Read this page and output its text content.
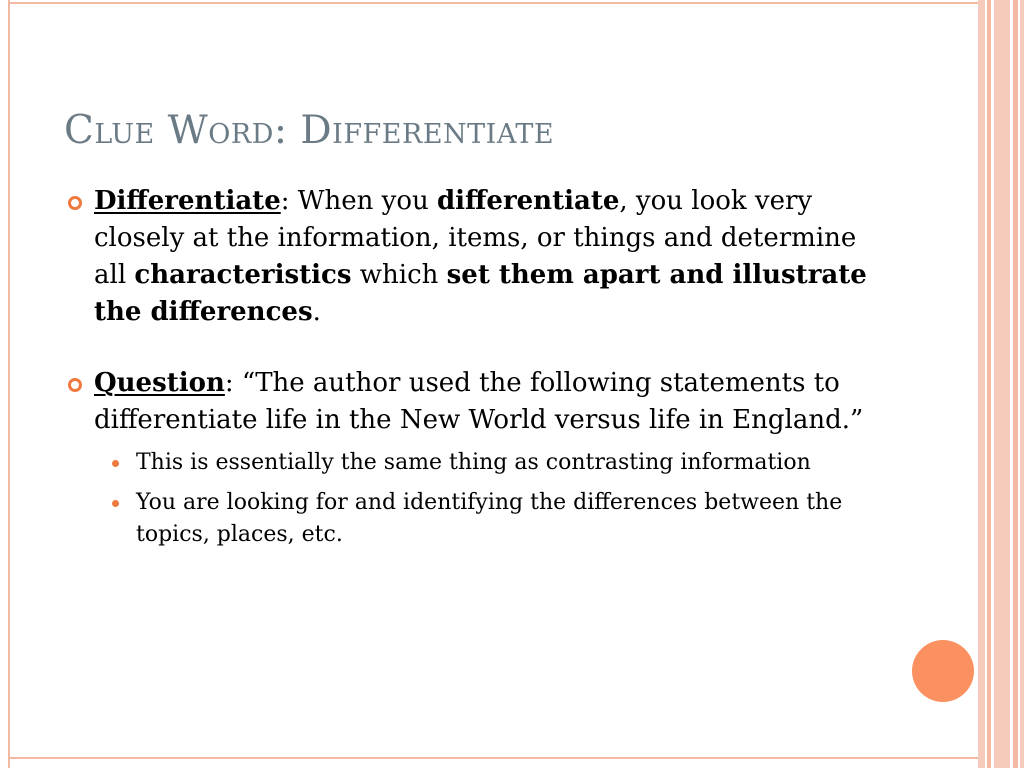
Clue Word: Differentiate

Differentiate: When you differentiate, you look very closely at the information, items, or things and determine all characteristics which set them apart and illustrate the differences.

Question: “The author used the following statements to differentiate life in the New World versus life in England.”
This is essentially the same thing as contrasting information
You are looking for and identifying the differences between the topics, places, etc.
